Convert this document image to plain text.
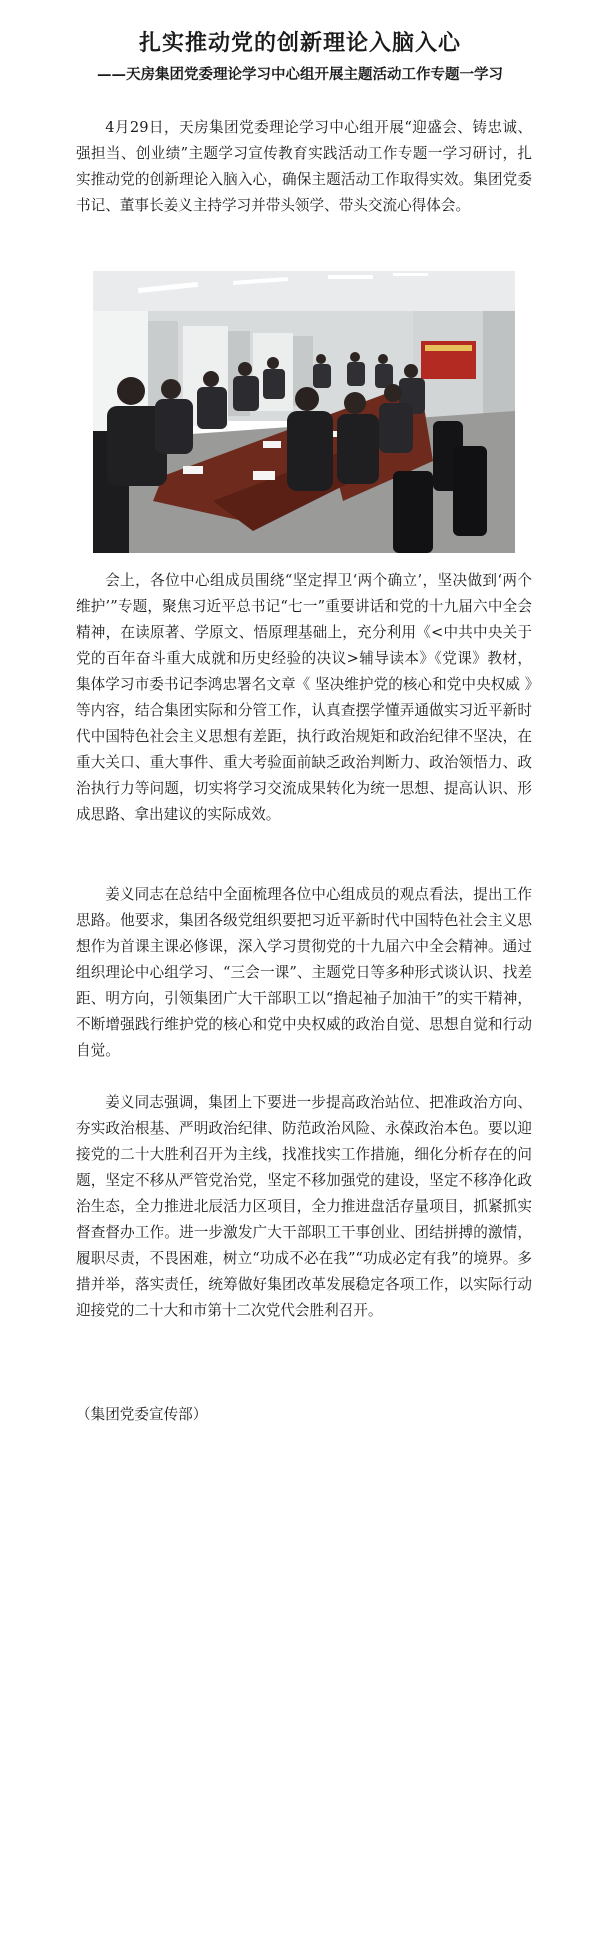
扎实推动党的创新理论入脑入心
——天房集团党委理论学习中心组开展主题活动工作专题一学习

4月29日，天房集团党委理论学习中心组开展“迎盛会、铸忠诚、强担当、创业绩”主题学习宣传教育实践活动工作专题一学习研讨，扎实推动党的创新理论入脑入心，确保主题活动工作取得实效。集团党委书记、董事长姜义主持学习并带头领学、带头交流心得体会。

会上，各位中心组成员围绕“坚定捍卫‘两个确立’，坚决做到‘两个维护’”专题，聚焦习近平总书记“七一”重要讲话和党的十九届六中全会精神，在读原著、学原文、悟原理基础上，充分利用《<中共中央关于党的百年奋斗重大成就和历史经验的决议>辅导读本》《党课》教材，集体学习市委书记李鸿忠署名文章《 坚决维护党的核心和党中央权威 》等内容，结合集团实际和分管工作，认真查摆学懂弄通做实习近平新时代中国特色社会主义思想有差距，执行政治规矩和政治纪律不坚决，在重大关口、重大事件、重大考验面前缺乏政治判断力、政治领悟力、政治执行力等问题，切实将学习交流成果转化为统一思想、提高认识、形成思路、拿出建议的实际成效。

姜义同志在总结中全面梳理各位中心组成员的观点看法，提出工作思路。他要求，集团各级党组织要把习近平新时代中国特色社会主义思想作为首课主课必修课，深入学习贯彻党的十九届六中全会精神。通过组织理论中心组学习、“三会一课”、主题党日等多种形式谈认识、找差距、明方向，引领集团广大干部职工以“撸起袖子加油干”的实干精神，不断增强践行维护党的核心和党中央权威的政治自觉、思想自觉和行动自觉。

姜义同志强调，集团上下要进一步提高政治站位、把准政治方向、夯实政治根基、严明政治纪律、防范政治风险、永葆政治本色。要以迎接党的二十大胜利召开为主线，找准找实工作措施，细化分析存在的问题，坚定不移从严管党治党，坚定不移加强党的建设，坚定不移净化政治生态，全力推进北辰活力区项目，全力推进盘活存量项目，抓紧抓实督查督办工作。进一步激发广大干部职工干事创业、团结拼搏的激情，履职尽责，不畏困难，树立“功成不必在我”“功成必定有我”的境界。多措并举，落实责任，统筹做好集团改革发展稳定各项工作，以实际行动迎接党的二十大和市第十二次党代会胜利召开。

（集团党委宣传部）
